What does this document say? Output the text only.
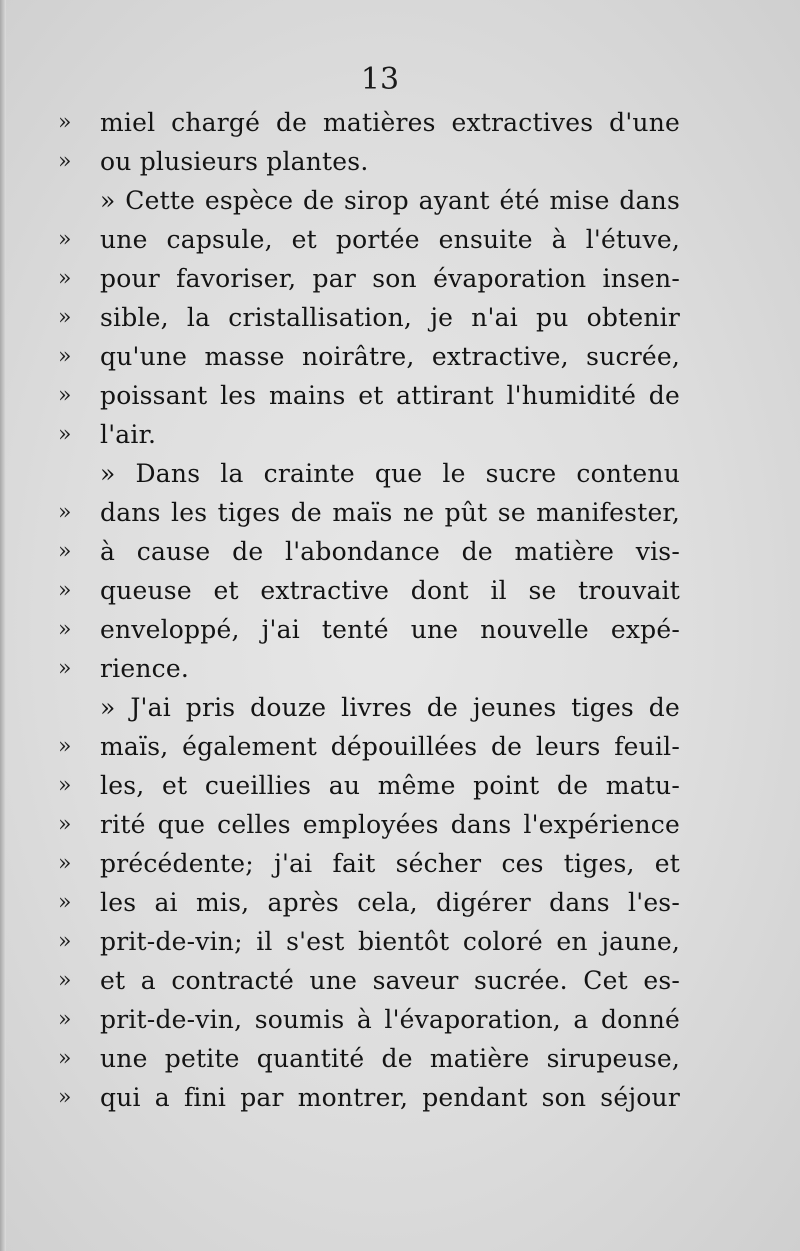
13
»	miel chargé de matières extractives d'une
»	ou plusieurs plantes.
» Cette espèce de sirop ayant été mise dans
»	une capsule, et portée ensuite à l'étuve,
»	pour favoriser, par son évaporation insen-
»	sible, la cristallisation, je n'ai pu obtenir
»	qu'une masse noirâtre, extractive, sucrée,
»	poissant les mains et attirant l'humidité de
»	l'air.
» Dans la crainte que le sucre contenu
»	dans les tiges de maïs ne pût se manifester,
»	à cause de l'abondance de matière vis-
»	queuse et extractive dont il se trouvait
»	enveloppé, j'ai tenté une nouvelle expé-
»	rience.
» J'ai pris douze livres de jeunes tiges de
»	maïs, également dépouillées de leurs feuil-
»	les, et cueillies au même point de matu-
»	rité que celles employées dans l'expérience
»	précédente; j'ai fait sécher ces tiges, et
»	les ai mis, après cela, digérer dans l'es-
»	prit-de-vin; il s'est bientôt coloré en jaune,
»	et a contracté une saveur sucrée. Cet es-
»	prit-de-vin, soumis à l'évaporation, a donné
»	une petite quantité de matière sirupeuse,
»	qui a fini par montrer, pendant son séjour
